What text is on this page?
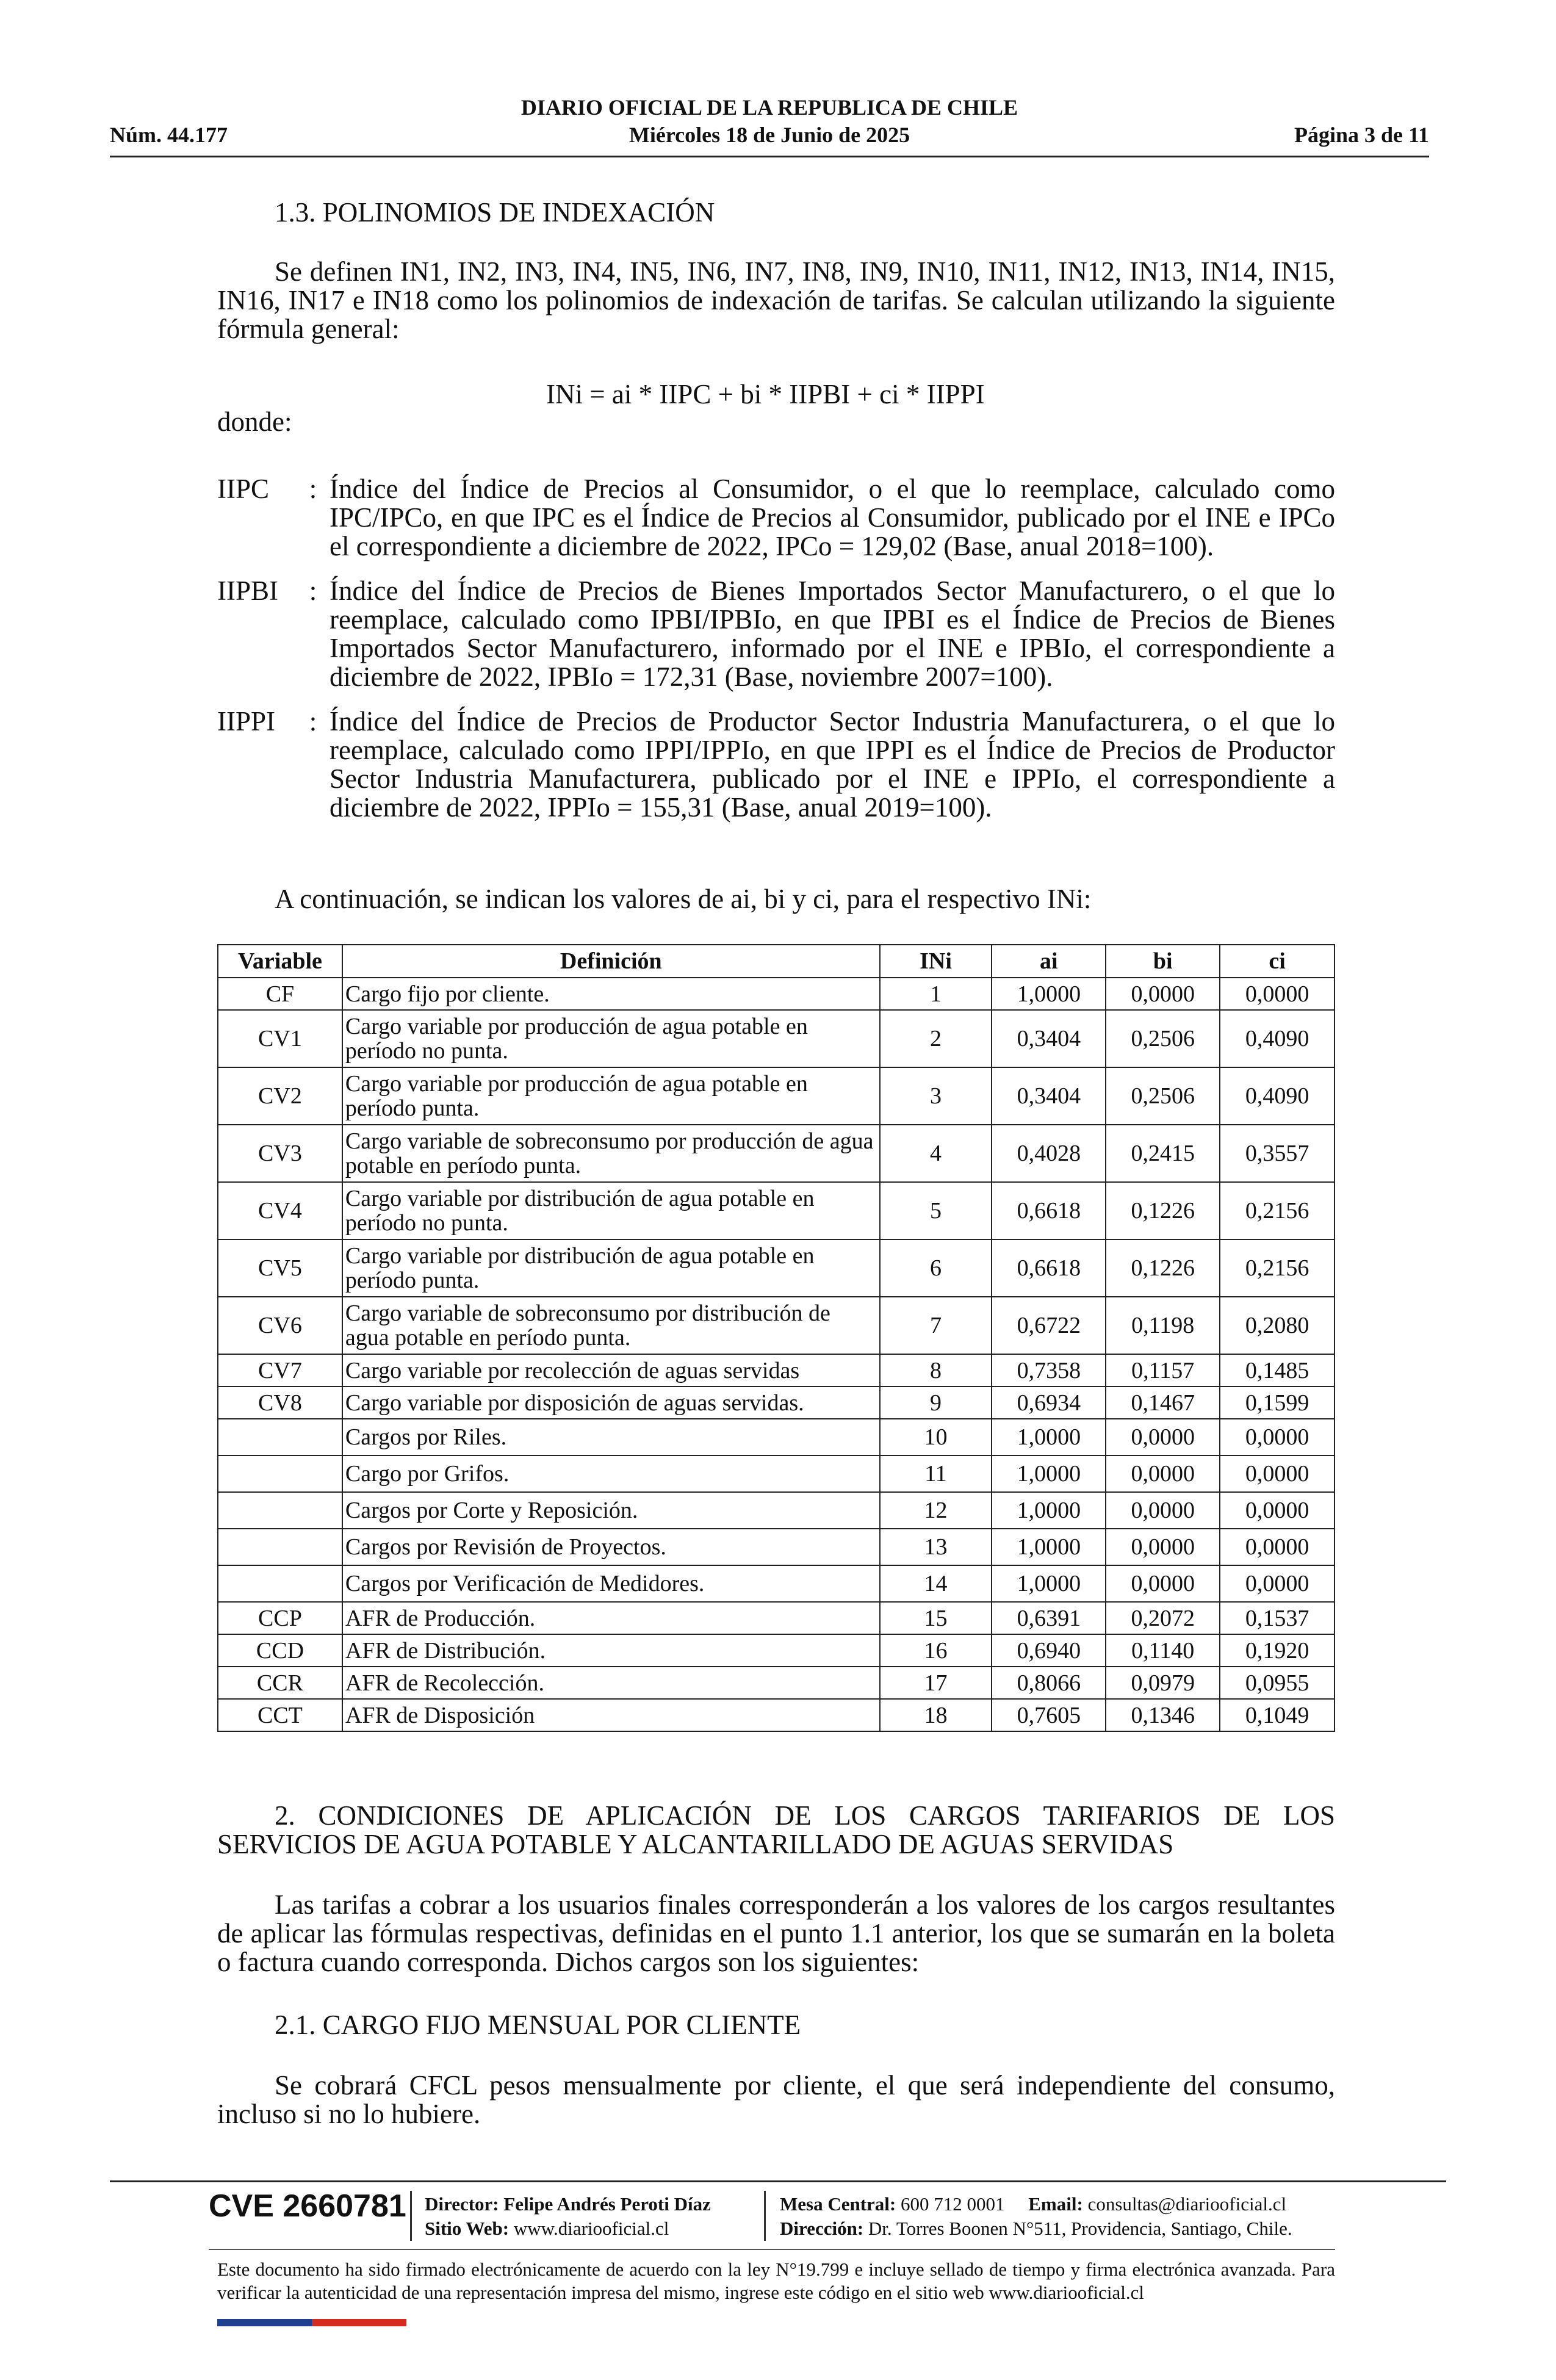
DIARIO OFICIAL DE LA REPUBLICA DE CHILE
Miércoles 18 de Junio de 2025
Núm. 44.177	Página 3 de 11
1.3. POLINOMIOS DE INDEXACIÓN

Se definen IN1, IN2, IN3, IN4, IN5, IN6, IN7, IN8, IN9, IN10, IN11, IN12, IN13, IN14, IN15, IN16, IN17 e IN18 como los polinomios de indexación de tarifas. Se calculan utilizando la siguiente fórmula general:

INi = ai * IIPC + bi * IIPBI + ci * IIPPI
donde:
IIPC	: Índice del Índice de Precios al Consumidor, o el que lo reemplace, calculado como IPC/IPCo, en que IPC es el Índice de Precios al Consumidor, publicado por el INE e IPCo el correspondiente a diciembre de 2022, IPCo = 129,02 (Base, anual 2018=100).
IIPBI	: Índice del Índice de Precios de Bienes Importados Sector Manufacturero, o el que lo reemplace, calculado como IPBI/IPBIo, en que IPBI es el Índice de Precios de Bienes Importados Sector Manufacturero, informado por el INE e IPBIo, el correspondiente a diciembre de 2022, IPBIo = 172,31 (Base, noviembre 2007=100).
IIPPI	: Índice del Índice de Precios de Productor Sector Industria Manufacturera, o el que lo reemplace, calculado como IPPI/IPPIo, en que IPPI es el Índice de Precios de Productor Sector Industria Manufacturera, publicado por el INE e IPPIo, el correspondiente a diciembre de 2022, IPPIo = 155,31 (Base, anual 2019=100).
A continuación, se indican los valores de ai, bi y ci, para el respectivo INi:
Variable	Definición	INi	ai	bi	ci
CF	Cargo fijo por cliente.	1	1,0000	0,0000	0,0000
CV1	Cargo variable por producción de agua potable en período no punta.	2	0,3404	0,2506	0,4090
CV2	Cargo variable por producción de agua potable en período punta.	3	0,3404	0,2506	0,4090
CV3	Cargo variable de sobreconsumo por producción de agua potable en período punta.	4	0,4028	0,2415	0,3557
CV4	Cargo variable por distribución de agua potable en período no punta.	5	0,6618	0,1226	0,2156
CV5	Cargo variable por distribución de agua potable en período punta.	6	0,6618	0,1226	0,2156
CV6	Cargo variable de sobreconsumo por distribución de agua potable en período punta.	7	0,6722	0,1198	0,2080
CV7	Cargo variable por recolección de aguas servidas	8	0,7358	0,1157	0,1485
CV8	Cargo variable por disposición de aguas servidas.	9	0,6934	0,1467	0,1599
	Cargos por Riles.	10	1,0000	0,0000	0,0000
	Cargo por Grifos.	11	1,0000	0,0000	0,0000
	Cargos por Corte y Reposición.	12	1,0000	0,0000	0,0000
	Cargos por Revisión de Proyectos.	13	1,0000	0,0000	0,0000
	Cargos por Verificación de Medidores.	14	1,0000	0,0000	0,0000
CCP	AFR de Producción.	15	0,6391	0,2072	0,1537
CCD	AFR de Distribución.	16	0,6940	0,1140	0,1920
CCR	AFR de Recolección.	17	0,8066	0,0979	0,0955
CCT	AFR de Disposición	18	0,7605	0,1346	0,1049

2. CONDICIONES DE APLICACIÓN DE LOS CARGOS TARIFARIOS DE LOS SERVICIOS DE AGUA POTABLE Y ALCANTARILLADO DE AGUAS SERVIDAS

Las tarifas a cobrar a los usuarios finales corresponderán a los valores de los cargos resultantes de aplicar las fórmulas respectivas, definidas en el punto 1.1 anterior, los que se sumarán en la boleta o factura cuando corresponda. Dichos cargos son los siguientes:

2.1. CARGO FIJO MENSUAL POR CLIENTE

Se cobrará CFCL pesos mensualmente por cliente, el que será independiente del consumo, incluso si no lo hubiere.

CVE 2660781 Director: Felipe Andrés Peroti Díaz
Sitio Web: www.diariooficial.cl
Mesa Central: 600 712 0001 Email: consultas@diariooficial.cl
Dirección: Dr. Torres Boonen N°511, Providencia, Santiago, Chile.
Este documento ha sido firmado electrónicamente de acuerdo con la ley N°19.799 e incluye sellado de tiempo y firma electrónica avanzada. Para verificar la autenticidad de una representación impresa del mismo, ingrese este código en el sitio web www.diariooficial.cl
